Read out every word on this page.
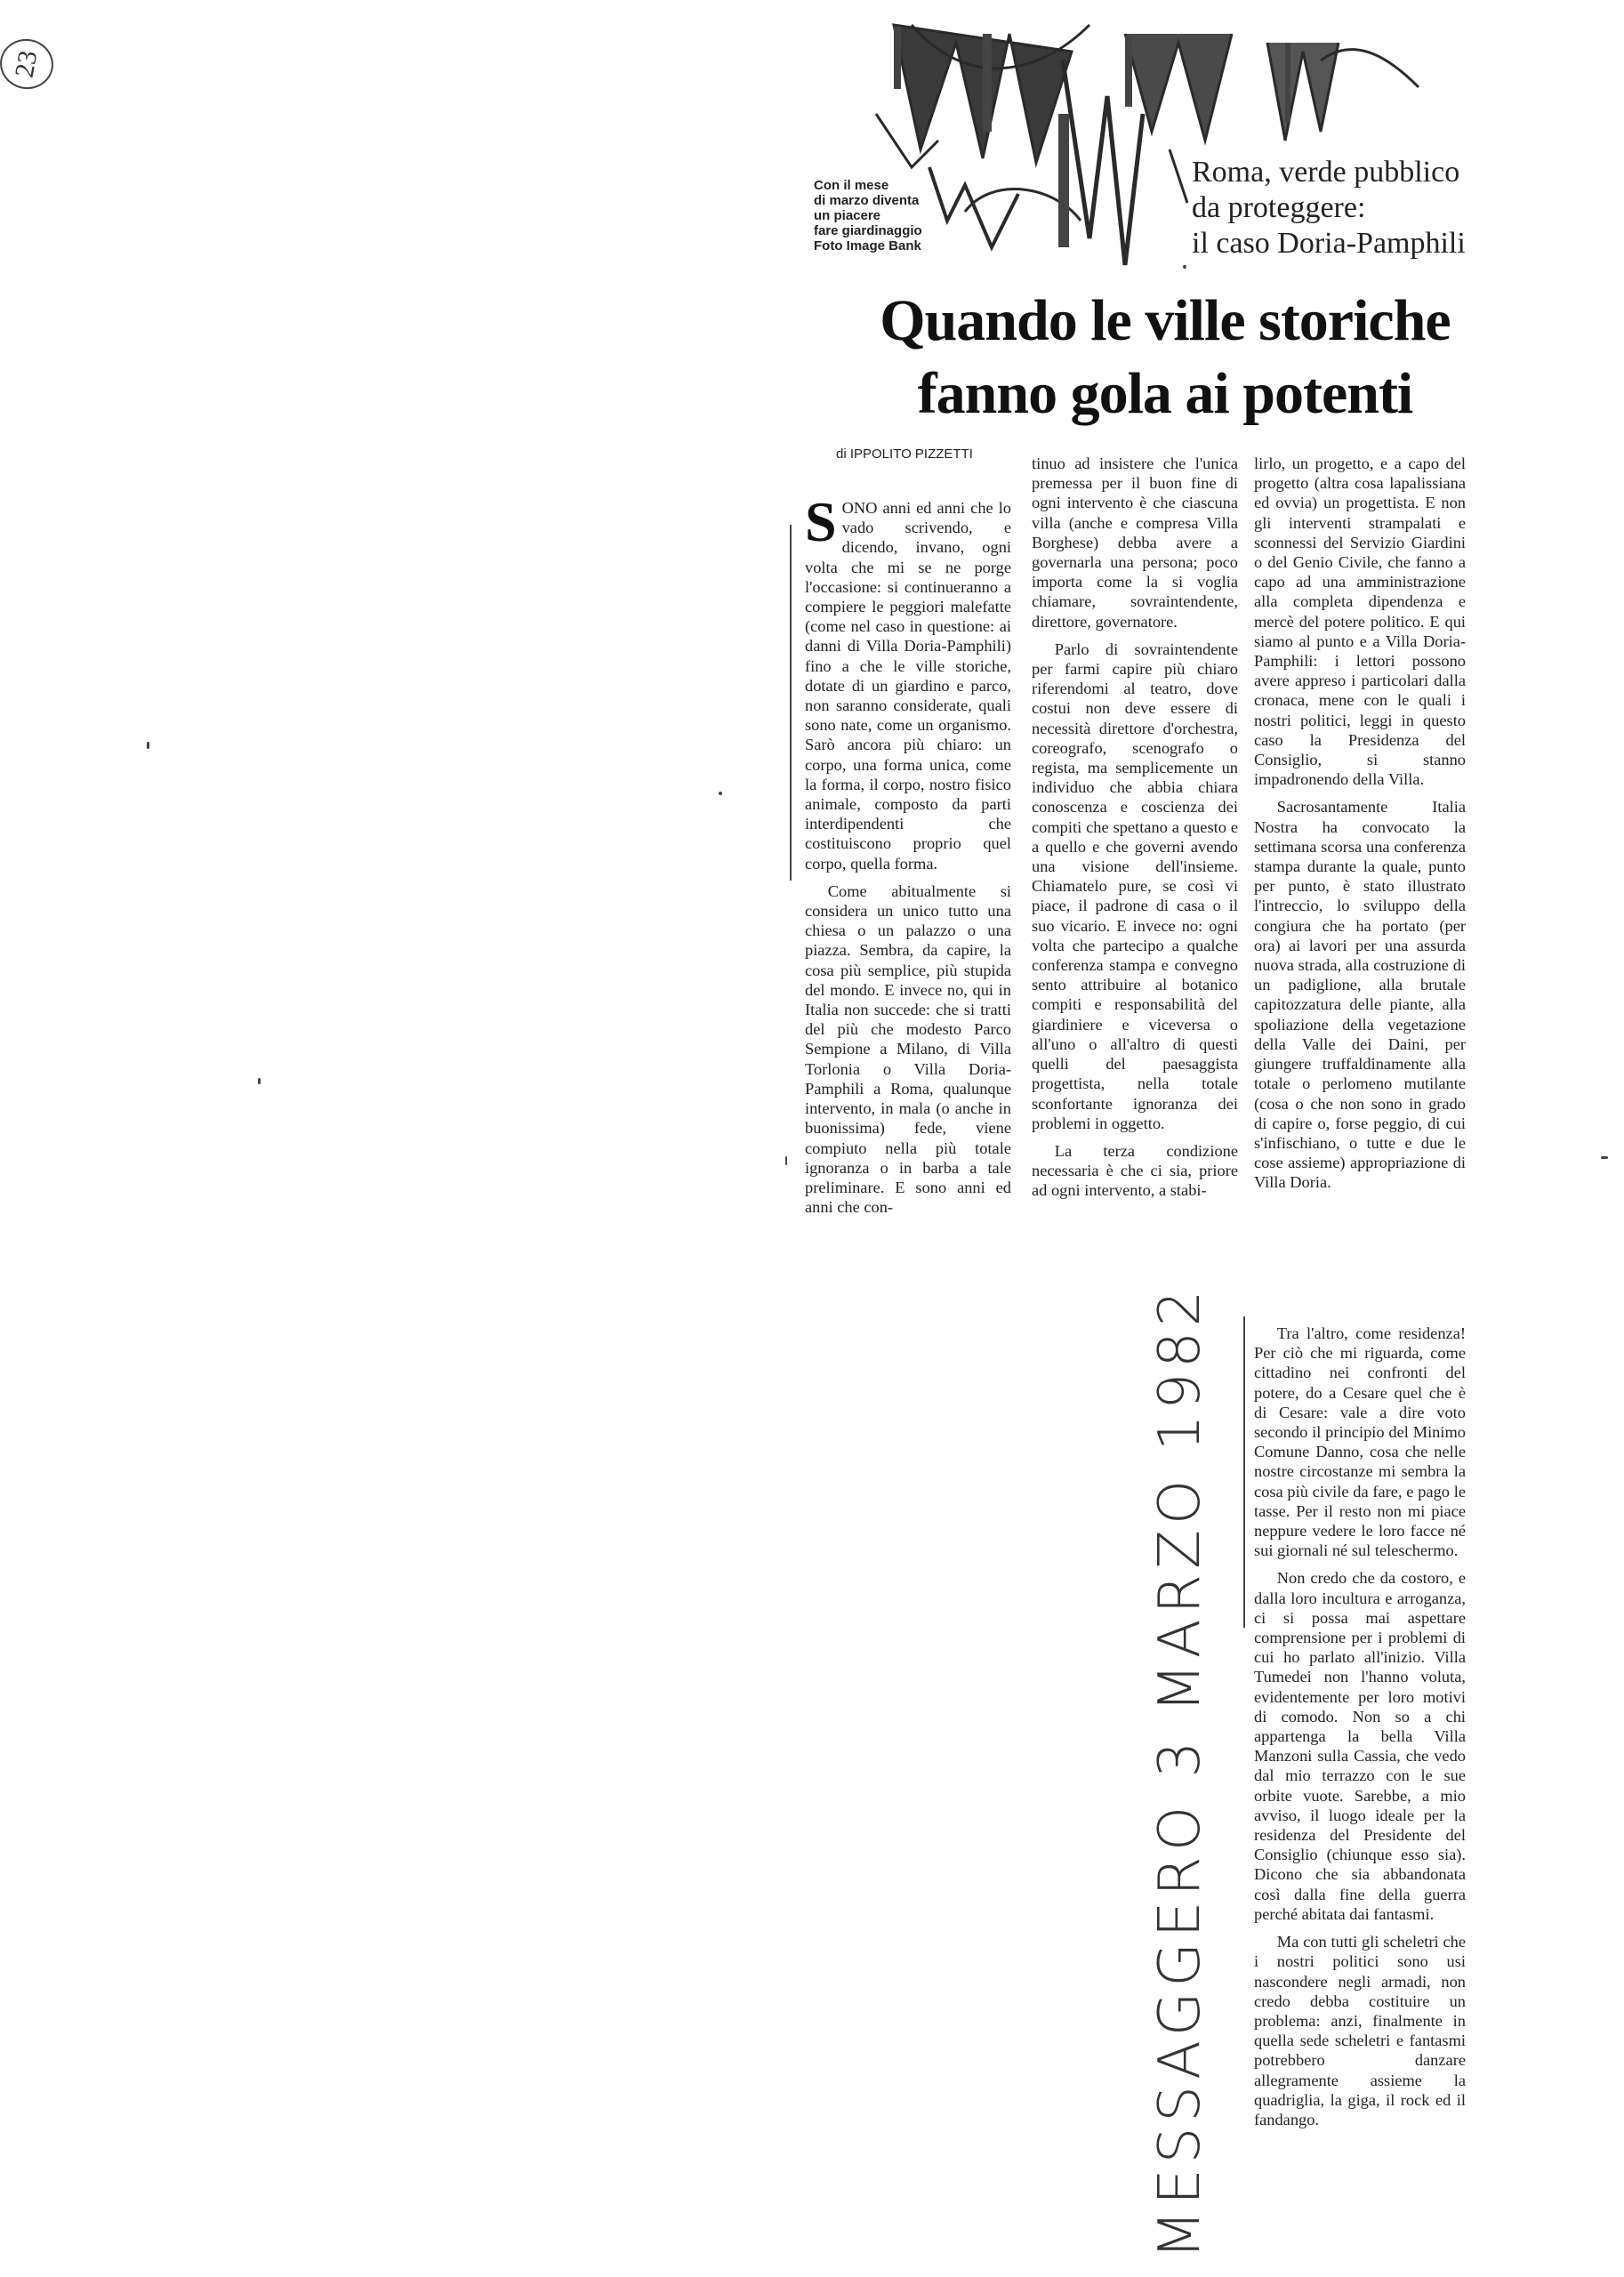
23
Con il mese
di marzo diventa
un piacere
fare giardinaggio
Foto Image Bank
Roma, verde pubblico
da proteggere:
il caso Doria-Pamphili
Quando le ville storiche
fanno gola ai potenti
di IPPOLITO PIZZETTI

SONO anni ed anni che lo vado scrivendo, e dicendo, invano, ogni volta che mi se ne porge l'occasione: si continueranno a compiere le peggiori malefatte (come nel caso in questione: ai danni di Villa Doria-Pamphili) fino a che le ville storiche, dotate di un giardino e parco, non saranno considerate, quali sono nate, come un organismo. Sarò ancora più chiaro: un corpo, una forma unica, come la forma, il corpo, nostro fisico animale, composto da parti interdipendenti che costituiscono proprio quel corpo, quella forma.

Come abitualmente si considera un unico tutto una chiesa o un palazzo o una piazza. Sembra, da capire, la cosa più semplice, più stupida del mondo. E invece no, qui in Italia non succede: che si tratti del più che modesto Parco Sempione a Milano, di Villa Torlonia o Villa Doria-Pamphili a Roma, qualunque intervento, in mala (o anche in buonissima) fede, viene compiuto nella più totale ignoranza o in barba a tale preliminare. E sono anni ed anni che con-

tinuo ad insistere che l'unica premessa per il buon fine di ogni intervento è che ciascuna villa (anche e compresa Villa Borghese) debba avere a governarla una persona; poco importa come la si voglia chiamare, sovraintendente, direttore, governatore.

Parlo di sovraintendente per farmi capire più chiaro riferendomi al teatro, dove costui non deve essere di necessità direttore d'orchestra, coreografo, scenografo o regista, ma semplicemente un individuo che abbia chiara conoscenza e coscienza dei compiti che spettano a questo e a quello e che governi avendo una visione dell'insieme. Chiamatelo pure, se così vi piace, il padrone di casa o il suo vicario. E invece no: ogni volta che partecipo a qualche conferenza stampa e convegno sento attribuire al botanico compiti e responsabilità del giardiniere e viceversa o all'uno o all'altro di questi quelli del paesaggista progettista, nella totale sconfortante ignoranza dei problemi in oggetto.

La terza condizione necessaria è che ci sia, priore ad ogni intervento, a stabi-

lirlo, un progetto, e a capo del progetto (altra cosa lapalissiana ed ovvia) un progettista. E non gli interventi strampalati e sconnessi del Servizio Giardini o del Genio Civile, che fanno a capo ad una amministrazione alla completa dipendenza e mercè del potere politico. E qui siamo al punto e a Villa Doria-Pamphili: i lettori possono avere appreso i particolari dalla cronaca, mene con le quali i nostri politici, leggi in questo caso la Presidenza del Consiglio, si stanno impadronendo della Villa.

Sacrosantamente Italia Nostra ha convocato la settimana scorsa una conferenza stampa durante la quale, punto per punto, è stato illustrato l'intreccio, lo sviluppo della congiura che ha portato (per ora) ai lavori per una assurda nuova strada, alla costruzione di un padiglione, alla brutale capitozzatura delle piante, alla spoliazione della vegetazione della Valle dei Daini, per giungere truffaldinamente alla totale o perlomeno mutilante (cosa o che non sono in grado di capire o, forse peggio, di cui s'infischiano, o tutte e due le cose assieme) appropriazione di Villa Doria.

Tra l'altro, come residenza! Per ciò che mi riguarda, come cittadino nei confronti del potere, do a Cesare quel che è di Cesare: vale a dire voto secondo il principio del Minimo Comune Danno, cosa che nelle nostre circostanze mi sembra la cosa più civile da fare, e pago le tasse. Per il resto non mi piace neppure vedere le loro facce né sui giornali né sul teleschermo.

Non credo che da costoro, e dalla loro incultura e arroganza, ci si possa mai aspettare comprensione per i problemi di cui ho parlato all'inizio. Villa Tumedei non l'hanno voluta, evidentemente per loro motivi di comodo. Non so a chi appartenga la bella Villa Manzoni sulla Cassia, che vedo dal mio terrazzo con le sue orbite vuote. Sarebbe, a mio avviso, il luogo ideale per la residenza del Presidente del Consiglio (chiunque esso sia). Dicono che sia abbandonata così dalla fine della guerra perché abitata dai fantasmi.

Ma con tutti gli scheletri che i nostri politici sono usi nascondere negli armadi, non credo debba costituire un problema: anzi, finalmente in quella sede scheletri e fantasmi potrebbero danzare allegramente assieme la quadriglia, la giga, il rock ed il fandango.

MESSAGGERO 3 MARZO 1982
